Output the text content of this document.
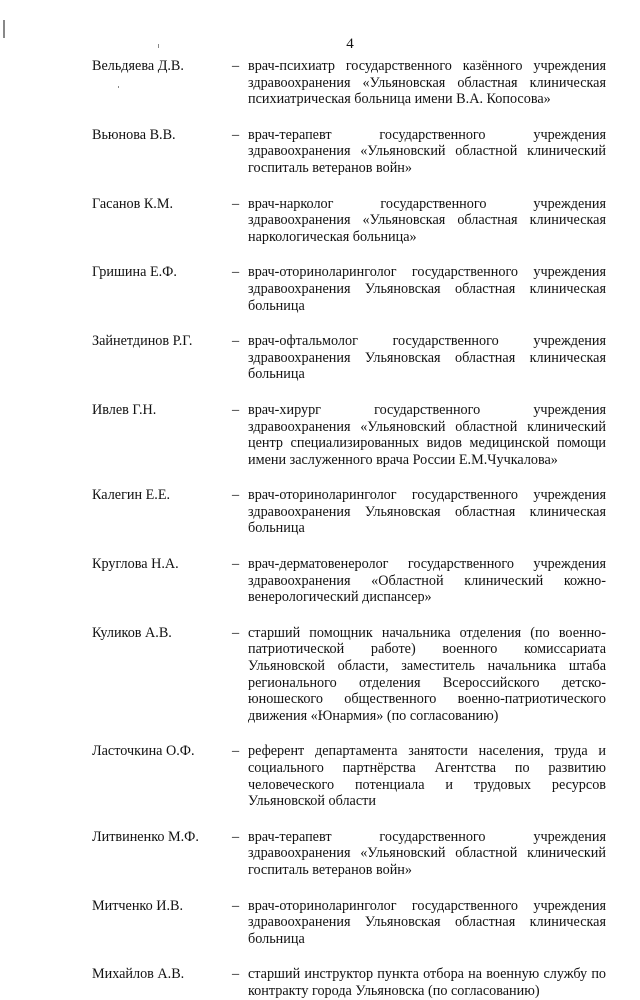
4
Вельдяева Д.В.	– врач-психиатр государственного казённого учреждения здравоохранения «Ульяновская областная клиническая психиатрическая больница имени В.А. Копосова»
Вьюнова В.В.	– врач-терапевт государственного учреждения здравоохранения «Ульяновский областной клинический госпиталь ветеранов войн»
Гасанов К.М.	– врач-нарколог государственного учреждения здравоохранения «Ульяновская областная клиническая наркологическая больница»
Гришина Е.Ф.	– врач-оториноларинголог государственного учреждения здравоохранения Ульяновская областная клиническая больница
Зайнетдинов Р.Г.	– врач-офтальмолог государственного учреждения здравоохранения Ульяновская областная клиническая больница
Ивлев Г.Н.	– врач-хирург государственного учреждения здравоохранения «Ульяновский областной клинический центр специализированных видов медицинской помощи имени заслуженного врача России Е.М.Чучкалова»
Калегин Е.Е.	– врач-оториноларинголог государственного учреждения здравоохранения Ульяновская областная клиническая больница
Круглова Н.А.	– врач-дерматовенеролог государственного учреждения здравоохранения «Областной клинический кожно-венерологический диспансер»
Куликов А.В.	– старший помощник начальника отделения (по военно-патриотической работе) военного комиссариата Ульяновской области, заместитель начальника штаба регионального отделения Всероссийского детско-юношеского общественного военно-патриотического движения «Юнармия» (по согласованию)
Ласточкина О.Ф.	– референт департамента занятости населения, труда и социального партнёрства Агентства по развитию человеческого потенциала и трудовых ресурсов Ульяновской области
Литвиненко М.Ф.	– врач-терапевт государственного учреждения здравоохранения «Ульяновский областной клинический госпиталь ветеранов войн»
Митченко И.В.	– врач-оториноларинголог государственного учреждения здравоохранения Ульяновская областная клиническая больница
Михайлов А.В.	– старший инструктор пункта отбора на военную службу по контракту города Ульяновска (по согласованию)
